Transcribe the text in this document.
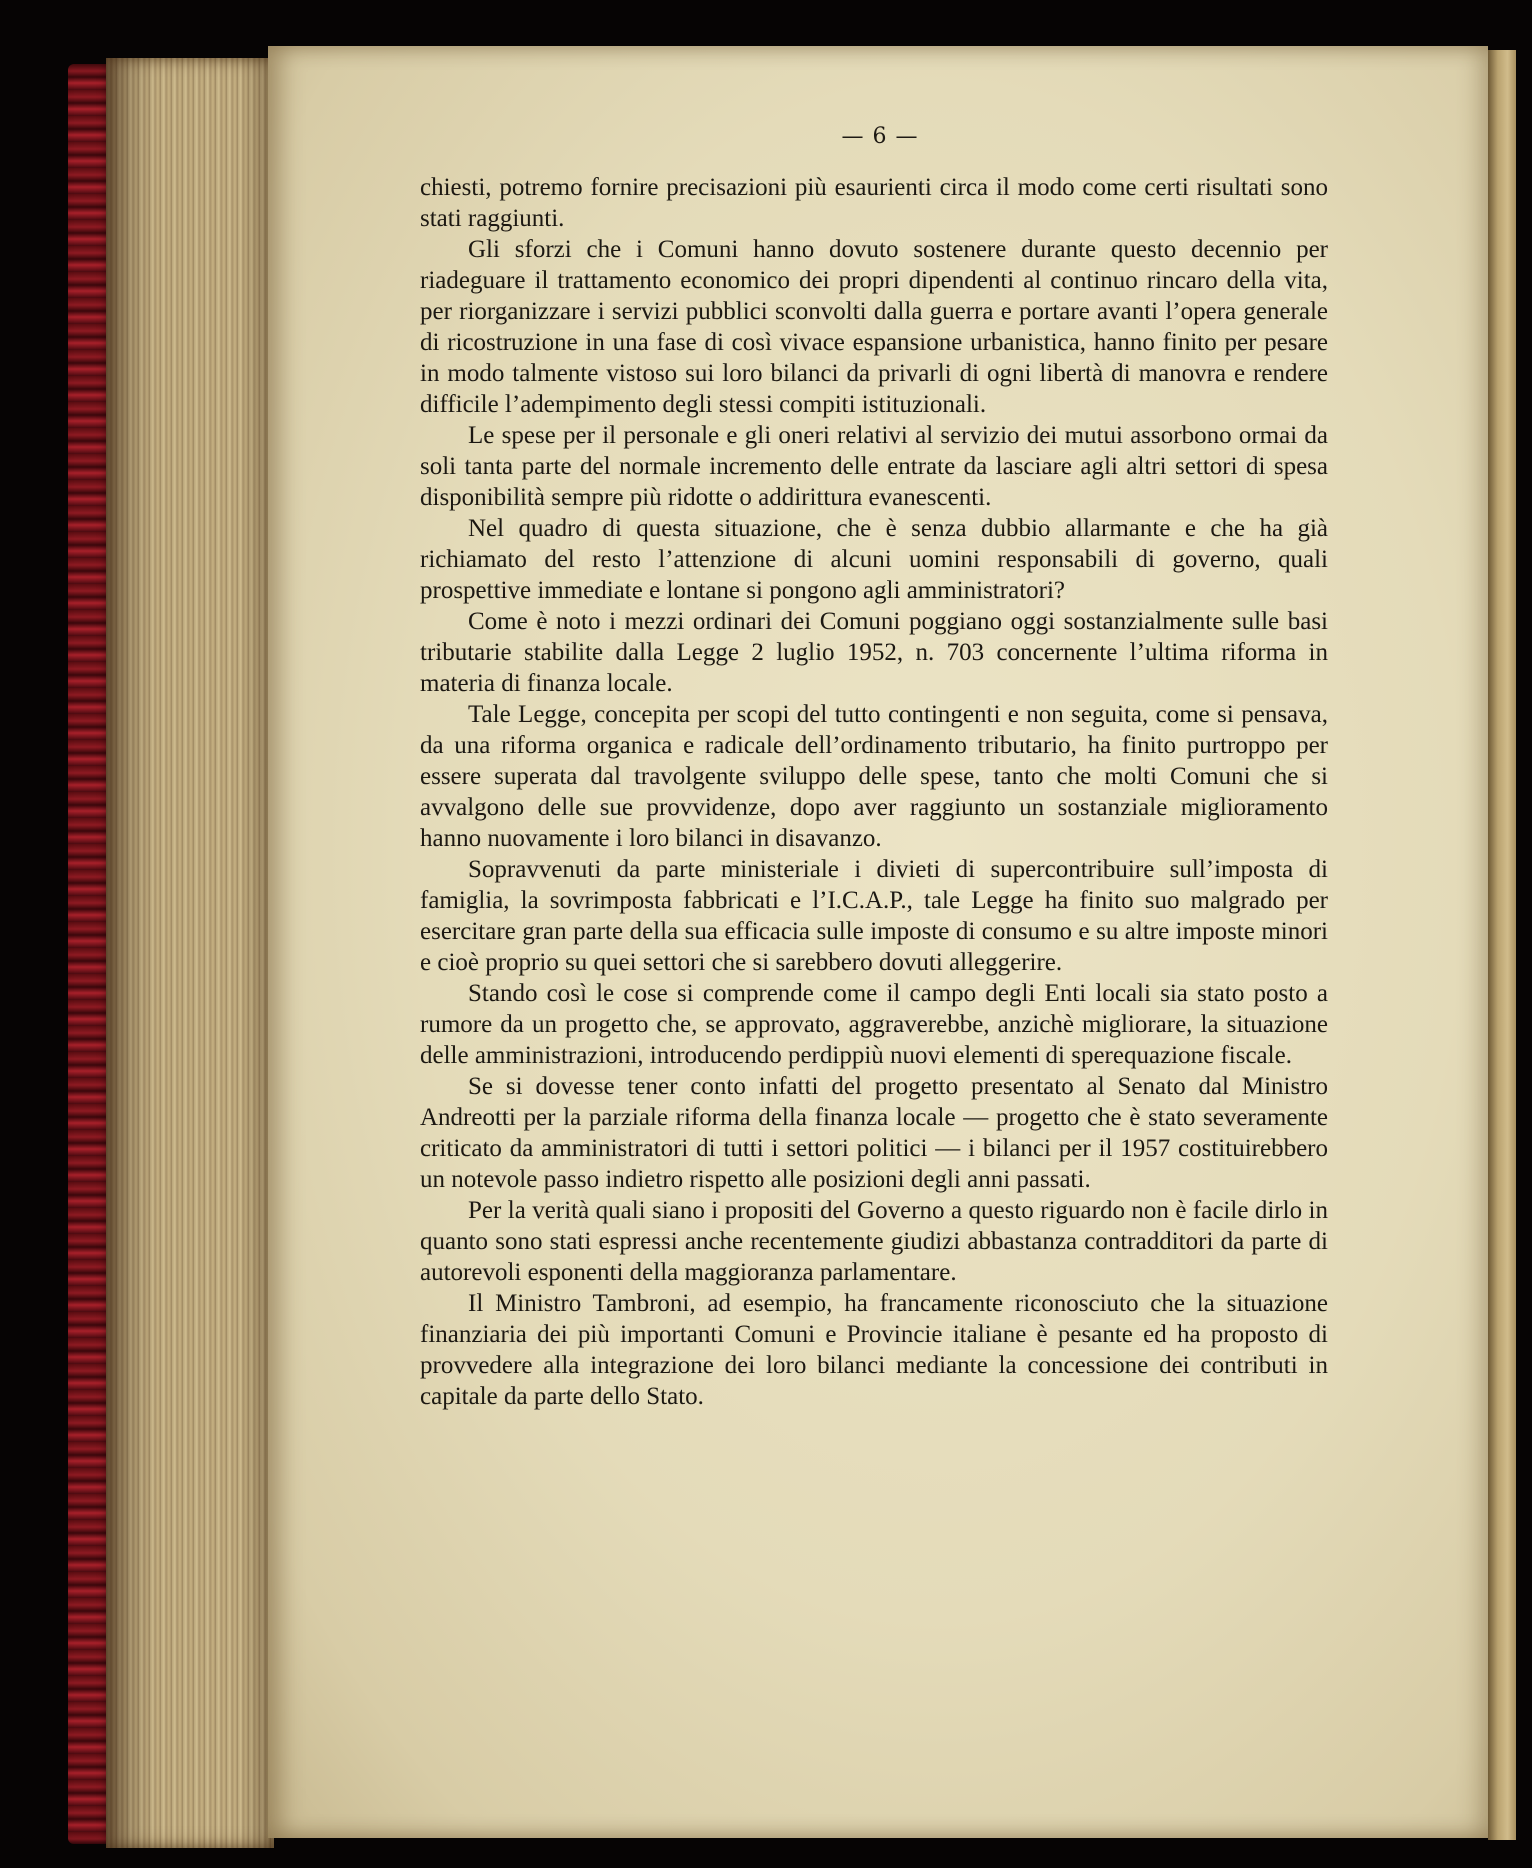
— 6 —

chiesti, potremo fornire precisazioni più esaurienti circa il modo come certi risultati sono stati raggiunti.

Gli sforzi che i Comuni hanno dovuto sostenere durante questo decennio per riadeguare il trattamento economico dei propri dipendenti al continuo rincaro della vita, per riorganizzare i servizi pubblici sconvolti dalla guerra e portare avanti l’opera generale di ricostruzione in una fase di così vivace espansione urbanistica, hanno finito per pesare in modo talmente vistoso sui loro bilanci da privarli di ogni libertà di manovra e rendere difficile l’adempimento degli stessi compiti istituzionali.

Le spese per il personale e gli oneri relativi al servizio dei mutui assorbono ormai da soli tanta parte del normale incremento delle entrate da lasciare agli altri settori di spesa disponibilità sempre più ridotte o addirittura evanescenti.

Nel quadro di questa situazione, che è senza dubbio allarmante e che ha già richiamato del resto l’attenzione di alcuni uomini responsabili di governo, quali prospettive immediate e lontane si pongono agli amministratori?

Come è noto i mezzi ordinari dei Comuni poggiano oggi sostanzialmente sulle basi tributarie stabilite dalla Legge 2 luglio 1952, n. 703 concernente l’ultima riforma in materia di finanza locale.

Tale Legge, concepita per scopi del tutto contingenti e non seguita, come si pensava, da una riforma organica e radicale dell’ordinamento tributario, ha finito purtroppo per essere superata dal travolgente sviluppo delle spese, tanto che molti Comuni che si avvalgono delle sue provvidenze, dopo aver raggiunto un sostanziale miglioramento hanno nuovamente i loro bilanci in disavanzo.

Sopravvenuti da parte ministeriale i divieti di supercontribuire sull’imposta di famiglia, la sovrimposta fabbricati e l’I.C.A.P., tale Legge ha finito suo malgrado per esercitare gran parte della sua efficacia sulle imposte di consumo e su altre imposte minori e cioè proprio su quei settori che si sarebbero dovuti alleggerire.

Stando così le cose si comprende come il campo degli Enti locali sia stato posto a rumore da un progetto che, se approvato, aggraverebbe, anzichè migliorare, la situazione delle amministrazioni, introducendo perdippiù nuovi elementi di sperequazione fiscale.

Se si dovesse tener conto infatti del progetto presentato al Senato dal Ministro Andreotti per la parziale riforma della finanza locale — progetto che è stato severamente criticato da amministratori di tutti i settori politici — i bilanci per il 1957 costituirebbero un notevole passo indietro rispetto alle posizioni degli anni passati.

Per la verità quali siano i propositi del Governo a questo riguardo non è facile dirlo in quanto sono stati espressi anche recentemente giudizi abbastanza contradditori da parte di autorevoli esponenti della maggioranza parlamentare.

Il Ministro Tambroni, ad esempio, ha francamente riconosciuto che la situazione finanziaria dei più importanti Comuni e Provincie italiane è pesante ed ha proposto di provvedere alla integrazione dei loro bilanci mediante la concessione dei contributi in capitale da parte dello Stato.
